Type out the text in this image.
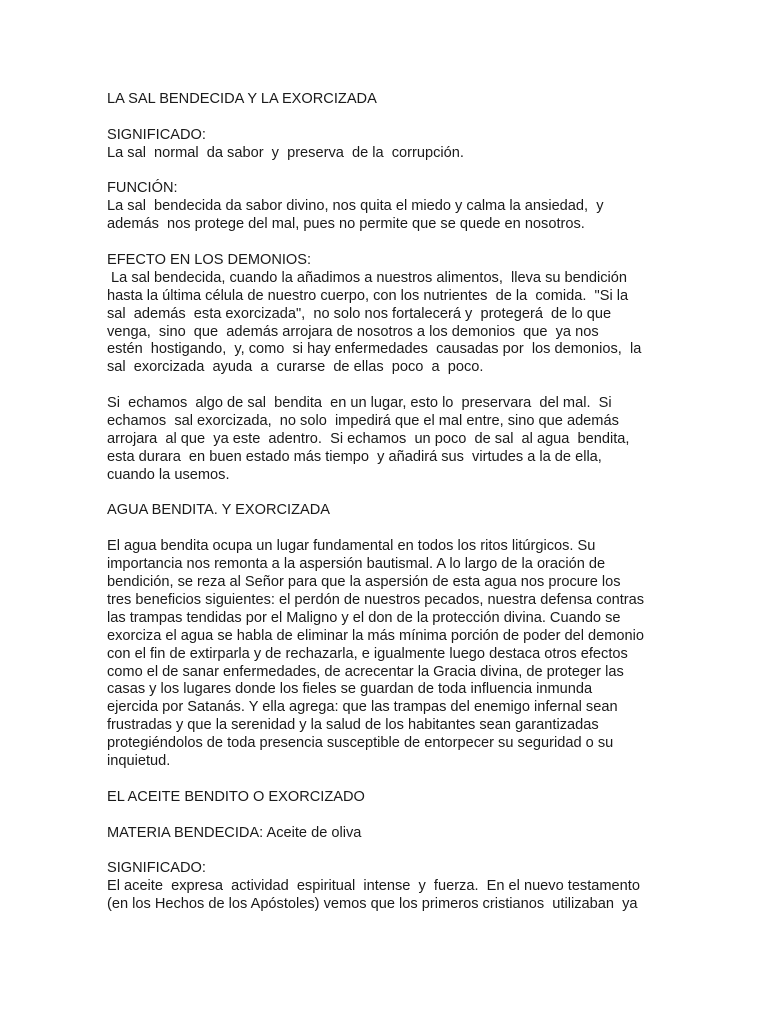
LA SAL BENDECIDA Y LA EXORCIZADA
SIGNIFICADO:
La sal  normal  da sabor  y  preserva  de la  corrupción.
FUNCIÓN:
La sal  bendecida da sabor divino, nos quita el miedo y calma la ansiedad,  y
además  nos protege del mal, pues no permite que se quede en nosotros.
EFECTO EN LOS DEMONIOS:
La sal bendecida, cuando la añadimos a nuestros alimentos,  lleva su bendición
hasta la última célula de nuestro cuerpo, con los nutrientes  de la  comida.  "Si la
sal  además  esta exorcizada",  no solo nos fortalecerá y  protegerá  de lo que
venga,  sino  que  además arrojara de nosotros a los demonios  que  ya nos
estén  hostigando,  y, como  si hay enfermedades  causadas por  los demonios,  la
sal  exorcizada  ayuda  a  curarse  de ellas  poco  a  poco.
Si  echamos  algo de sal  bendita  en un lugar, esto lo  preservara  del mal.  Si
echamos  sal exorcizada,  no solo  impedirá que el mal entre, sino que además
arrojara  al que  ya este  adentro.  Si echamos  un poco  de sal  al agua  bendita,
esta durara  en buen estado más tiempo  y añadirá sus  virtudes a la de ella,
cuando la usemos.
AGUA BENDITA. Y EXORCIZADA
El agua bendita ocupa un lugar fundamental en todos los ritos litúrgicos. Su
importancia nos remonta a la aspersión bautismal. A lo largo de la oración de
bendición, se reza al Señor para que la aspersión de esta agua nos procure los
tres beneficios siguientes: el perdón de nuestros pecados, nuestra defensa contras
las trampas tendidas por el Maligno y el don de la protección divina. Cuando se
exorciza el agua se habla de eliminar la más mínima porción de poder del demonio
con el fin de extirparla y de rechazarla, e igualmente luego destaca otros efectos
como el de sanar enfermedades, de acrecentar la Gracia divina, de proteger las
casas y los lugares donde los fieles se guardan de toda influencia inmunda
ejercida por Satanás. Y ella agrega: que las trampas del enemigo infernal sean
frustradas y que la serenidad y la salud de los habitantes sean garantizadas
protegiéndolos de toda presencia susceptible de entorpecer su seguridad o su
inquietud.
EL ACEITE BENDITO O EXORCIZADO
MATERIA BENDECIDA: Aceite de oliva
SIGNIFICADO:
El aceite  expresa  actividad  espiritual  intense  y  fuerza.  En el nuevo testamento
(en los Hechos de los Apóstoles) vemos que los primeros cristianos  utilizaban  ya
